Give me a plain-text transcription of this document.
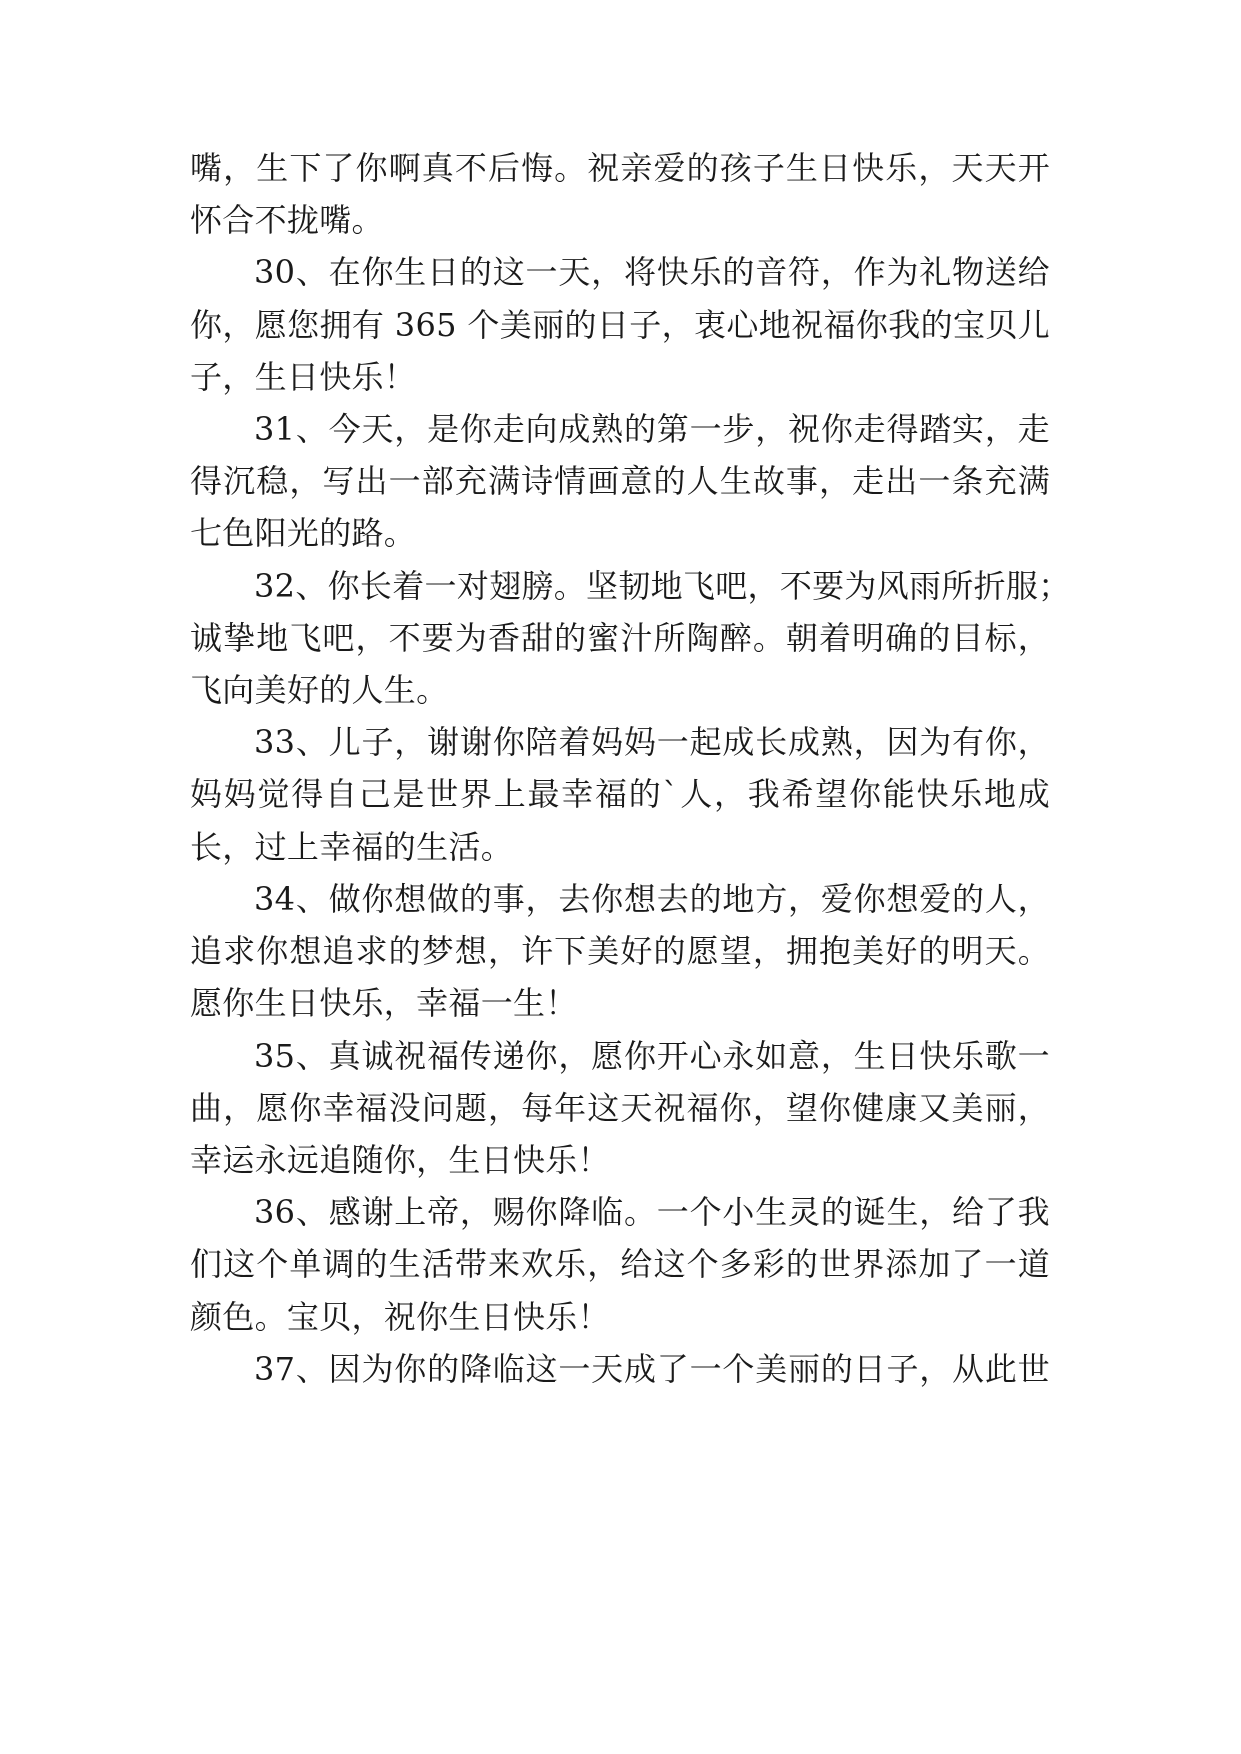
嘴，生下了你啊真不后悔。祝亲爱的孩子生日快乐，天天开
怀合不拢嘴。
30、在你生日的这一天，将快乐的音符，作为礼物送给
你，愿您拥有 365 个美丽的日子，衷心地祝福你我的宝贝儿
子，生日快乐！
31、今天，是你走向成熟的第一步，祝你走得踏实，走
得沉稳，写出一部充满诗情画意的人生故事，走出一条充满
七色阳光的路。
32、你长着一对翅膀。坚韧地飞吧，不要为风雨所折服；
诚挚地飞吧，不要为香甜的蜜汁所陶醉。朝着明确的目标，
飞向美好的人生。
33、儿子，谢谢你陪着妈妈一起成长成熟，因为有你，
妈妈觉得自己是世界上最幸福的`人，我希望你能快乐地成
长，过上幸福的生活。
34、做你想做的事，去你想去的地方，爱你想爱的人，
追求你想追求的梦想，许下美好的愿望，拥抱美好的明天。
愿你生日快乐，幸福一生！
35、真诚祝福传递你，愿你开心永如意，生日快乐歌一
曲，愿你幸福没问题，每年这天祝福你，望你健康又美丽，
幸运永远追随你，生日快乐！
36、感谢上帝，赐你降临。一个小生灵的诞生，给了我
们这个单调的生活带来欢乐，给这个多彩的世界添加了一道
颜色。宝贝，祝你生日快乐！
37、因为你的降临这一天成了一个美丽的日子，从此世
